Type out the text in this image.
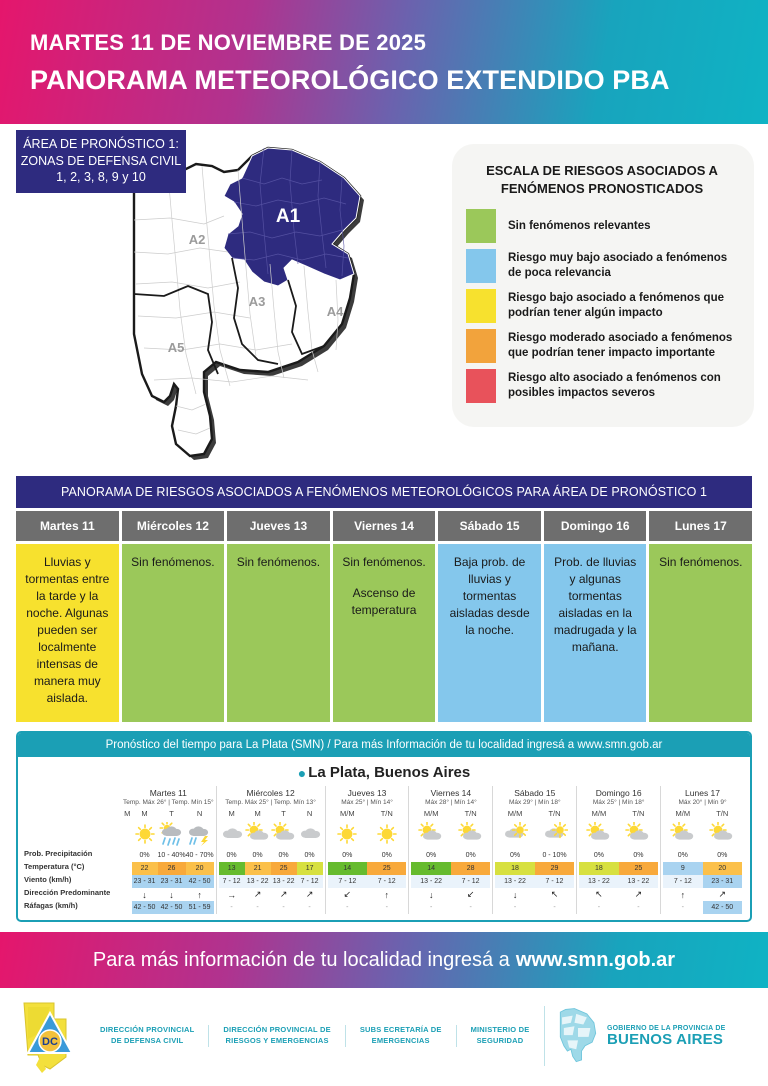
MARTES 11 DE NOVIEMBRE DE 2025
PANORAMA METEOROLÓGICO EXTENDIDO PBA
ÁREA DE PRONÓSTICO 1:
ZONAS DE DEFENSA CIVIL
1, 2, 3, 8, 9 y 10
A1
A2
A3
A4
A5
ESCALA DE RIESGOS ASOCIADOS A
FENÓMENOS PRONOSTICADOS
Sin fenómenos relevantes
Riesgo muy bajo asociado a fenómenos de poca relevancia
Riesgo bajo asociado a fenómenos que podrían tener algún impacto
Riesgo moderado asociado a fenómenos que podrían tener impacto importante
Riesgo alto asociado a fenómenos con posibles impactos severos
PANORAMA DE RIESGOS ASOCIADOS A FENÓMENOS METEOROLÓGICOS PARA ÁREA DE PRONÓSTICO 1
Martes 11

Lluvias y tormentas entre la tarde y la noche. Algunas pueden ser localmente intensas de manera muy aislada.

Miércoles 12

Sin fenómenos.

Jueves 13

Sin fenómenos.

Viernes 14

Sin fenómenos.

Ascenso de temperatura

Sábado 15

Baja prob. de lluvias y tormentas aisladas desde la noche.

Domingo 16

Prob. de lluvias y algunas tormentas aisladas en la madrugada y la mañana.

Lunes 17

Sin fenómenos.

Pronóstico del tiempo para La Plata (SMN) / Para más Información de tu localidad ingresá a www.smn.gob.ar
● La Plata, Buenos Aires
Prob. Precipitación
Temperatura (°C)
Viento (km/h)
Dirección Predominante
Ráfagas (km/h)
Martes 11
Temp. Máx 26° | Temp. Mín 15°
M	M
0%
22
23 - 31
↓
42 - 50
T
10 - 40%
26
23 - 31
↓
42 - 50
N
40 - 70%
20
42 - 50
↑
51 - 59
Miércoles 12
Temp. Máx 25° | Temp. Mín 13°
M
0%
13
7 - 12
→
-
M
0%
21
13 - 22
↗
-
T
0%
25
13 - 22
↗
-
N
0%
17
7 - 12
↗
-
Jueves 13
Máx 25° | Mín 14°
M/M
0%
14
7 - 12
↙
-
T/N
0%
25
7 - 12
↑
-
Viernes 14
Máx 28° | Mín 14°
M/M
0%
14
13 - 22
↓
-
T/N
0%
28
7 - 12
↙
-
Sábado 15
Máx 29° | Mín 18°
M/M
0%
18
13 - 22
↓
-
T/N
0 - 10%
29
7 - 12
↖
-
Domingo 16
Máx 25° | Mín 18°
M/M
0%
18
13 - 22
↖
-
T/N
0%
25
13 - 22
↗
-
Lunes 17
Máx 20° | Mín 9°
M/M
0%
9
7 - 12
↑
-
T/N
0%
20
23 - 31
↗
42 - 50
Para más información de tu localidad ingresá a www.smn.gob.ar
DC
DIRECCIÓN PROVINCIAL
DE DEFENSA CIVIL
DIRECCIÓN PROVINCIAL DE
RIESGOS Y EMERGENCIAS
SUBS ECRETARÍA DE
EMERGENCIAS
MINISTERIO DE
SEGURIDAD
GOBIERNO DE LA PROVINCIA DE
BUENOS AIRES
